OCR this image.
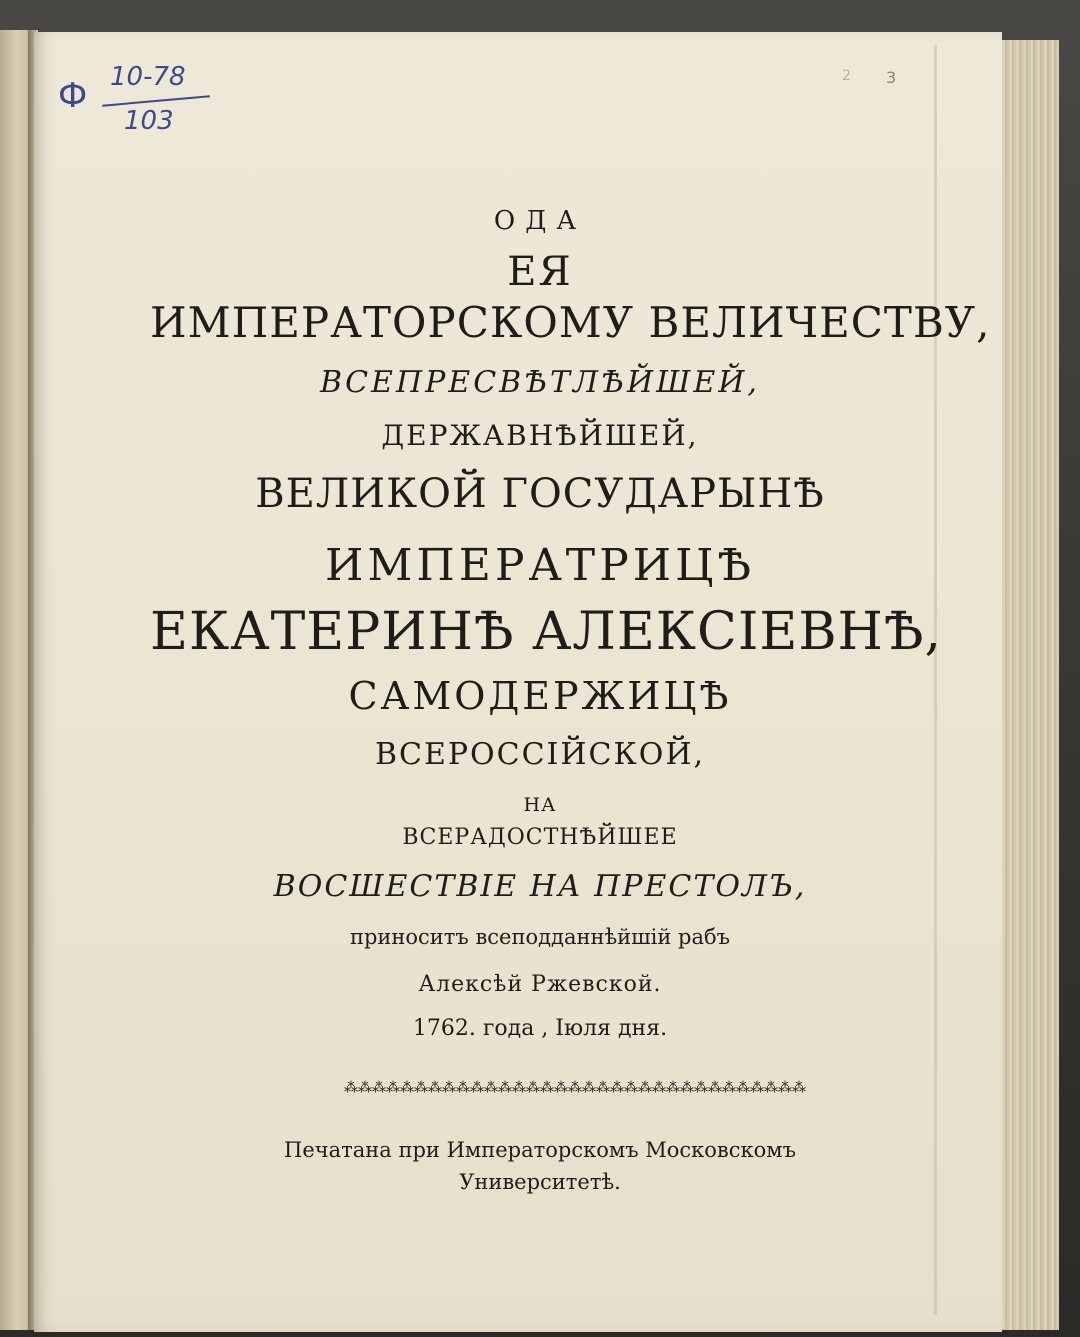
Ф 10-78
103
2 3
ОДА
ЕЯ
ИМПЕРАТОРСКОМУ ВЕЛИЧЕСТВУ,
ВСЕПРЕСВѢТЛѢЙШЕЙ,
ДЕРЖАВНѢЙШЕЙ,
ВЕЛИКОЙ ГОСУДАРЫНѢ
ИМПЕРАТРИЦѢ
ЕКАТЕРИНѢ АЛЕКСІЕВНѢ,
САМОДЕРЖИЦѢ
ВСЕРОССІЙСКОЙ,
НА
ВСЕРАДОСТНѢЙШЕЕ
ВОСШЕСТВІЕ НА ПРЕСТОЛЪ,
приноситъ всеподданнѣйшій рабъ
Алексѣй Ржевской.
1762. года , Іюля дня.
⁂⁂⁂⁂⁂⁂⁂⁂⁂⁂⁂⁂⁂⁂⁂⁂⁂⁂⁂⁂⁂⁂⁂⁂⁂⁂⁂⁂⁂⁂⁂⁂⁂
Печатана при Императорскомъ Московскомъ
Университетѣ.
